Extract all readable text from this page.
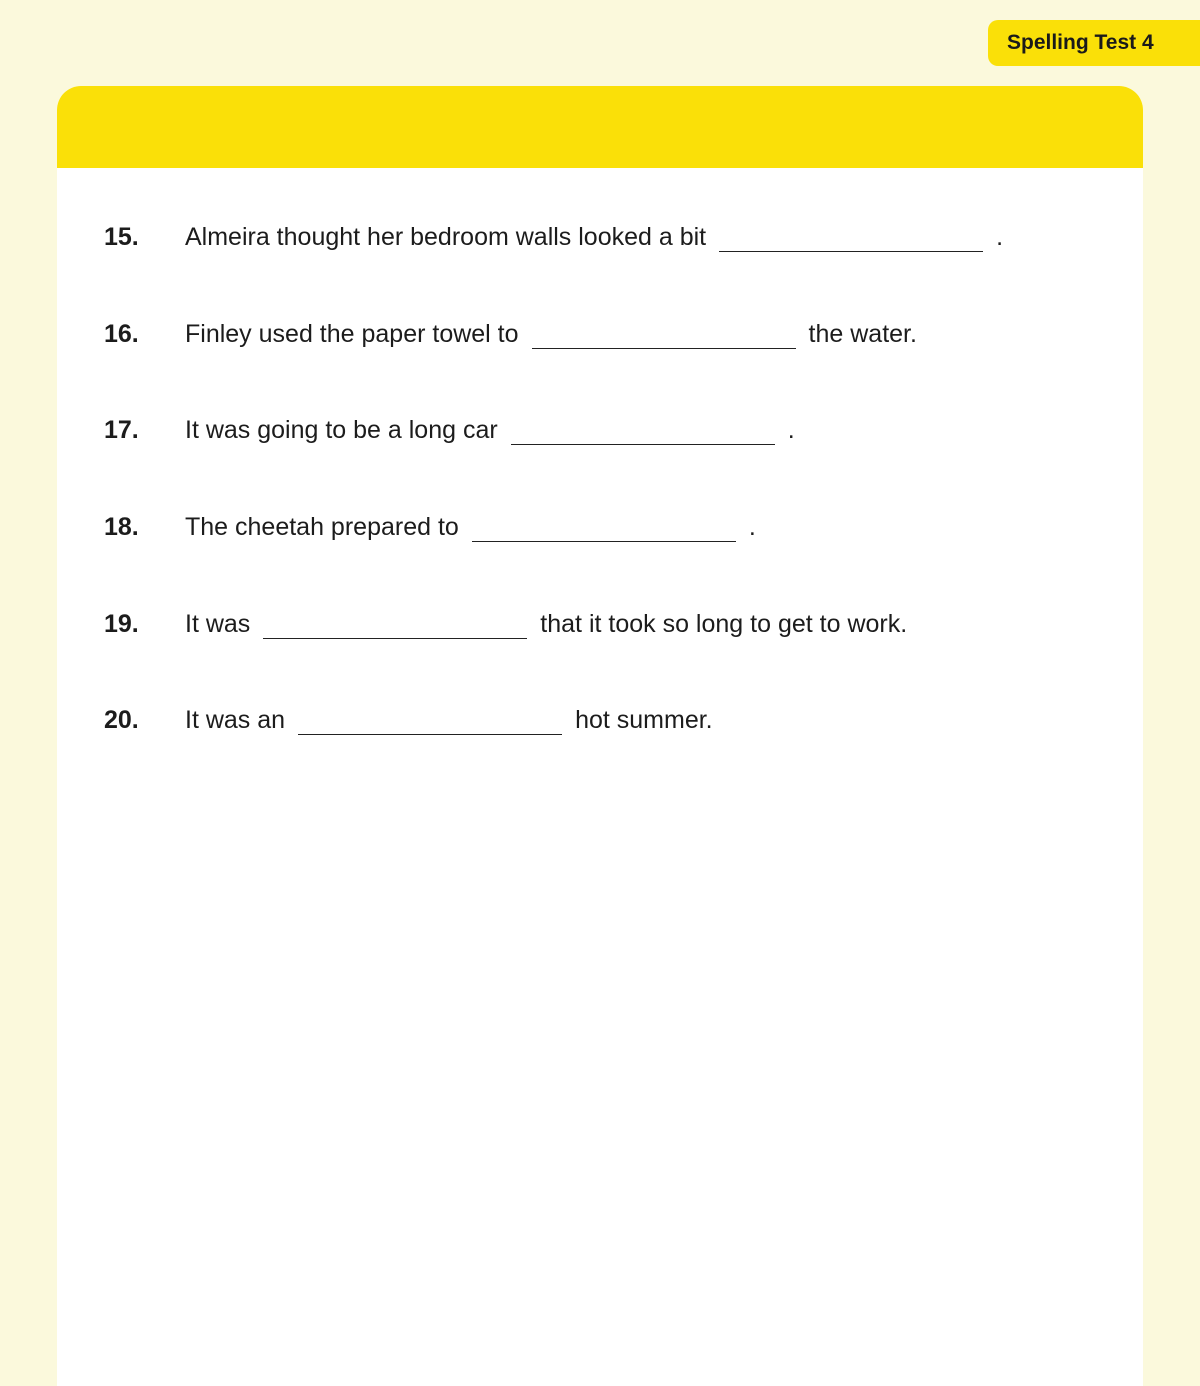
Spelling Test 4
15. Almeira thought her bedroom walls looked a bit	.
16. Finley used the paper towel to	the water.
17. It was going to be a long car	.
18. The cheetah prepared to	.
19. It was	that it took so long to get to work.
20. It was an	hot summer.
